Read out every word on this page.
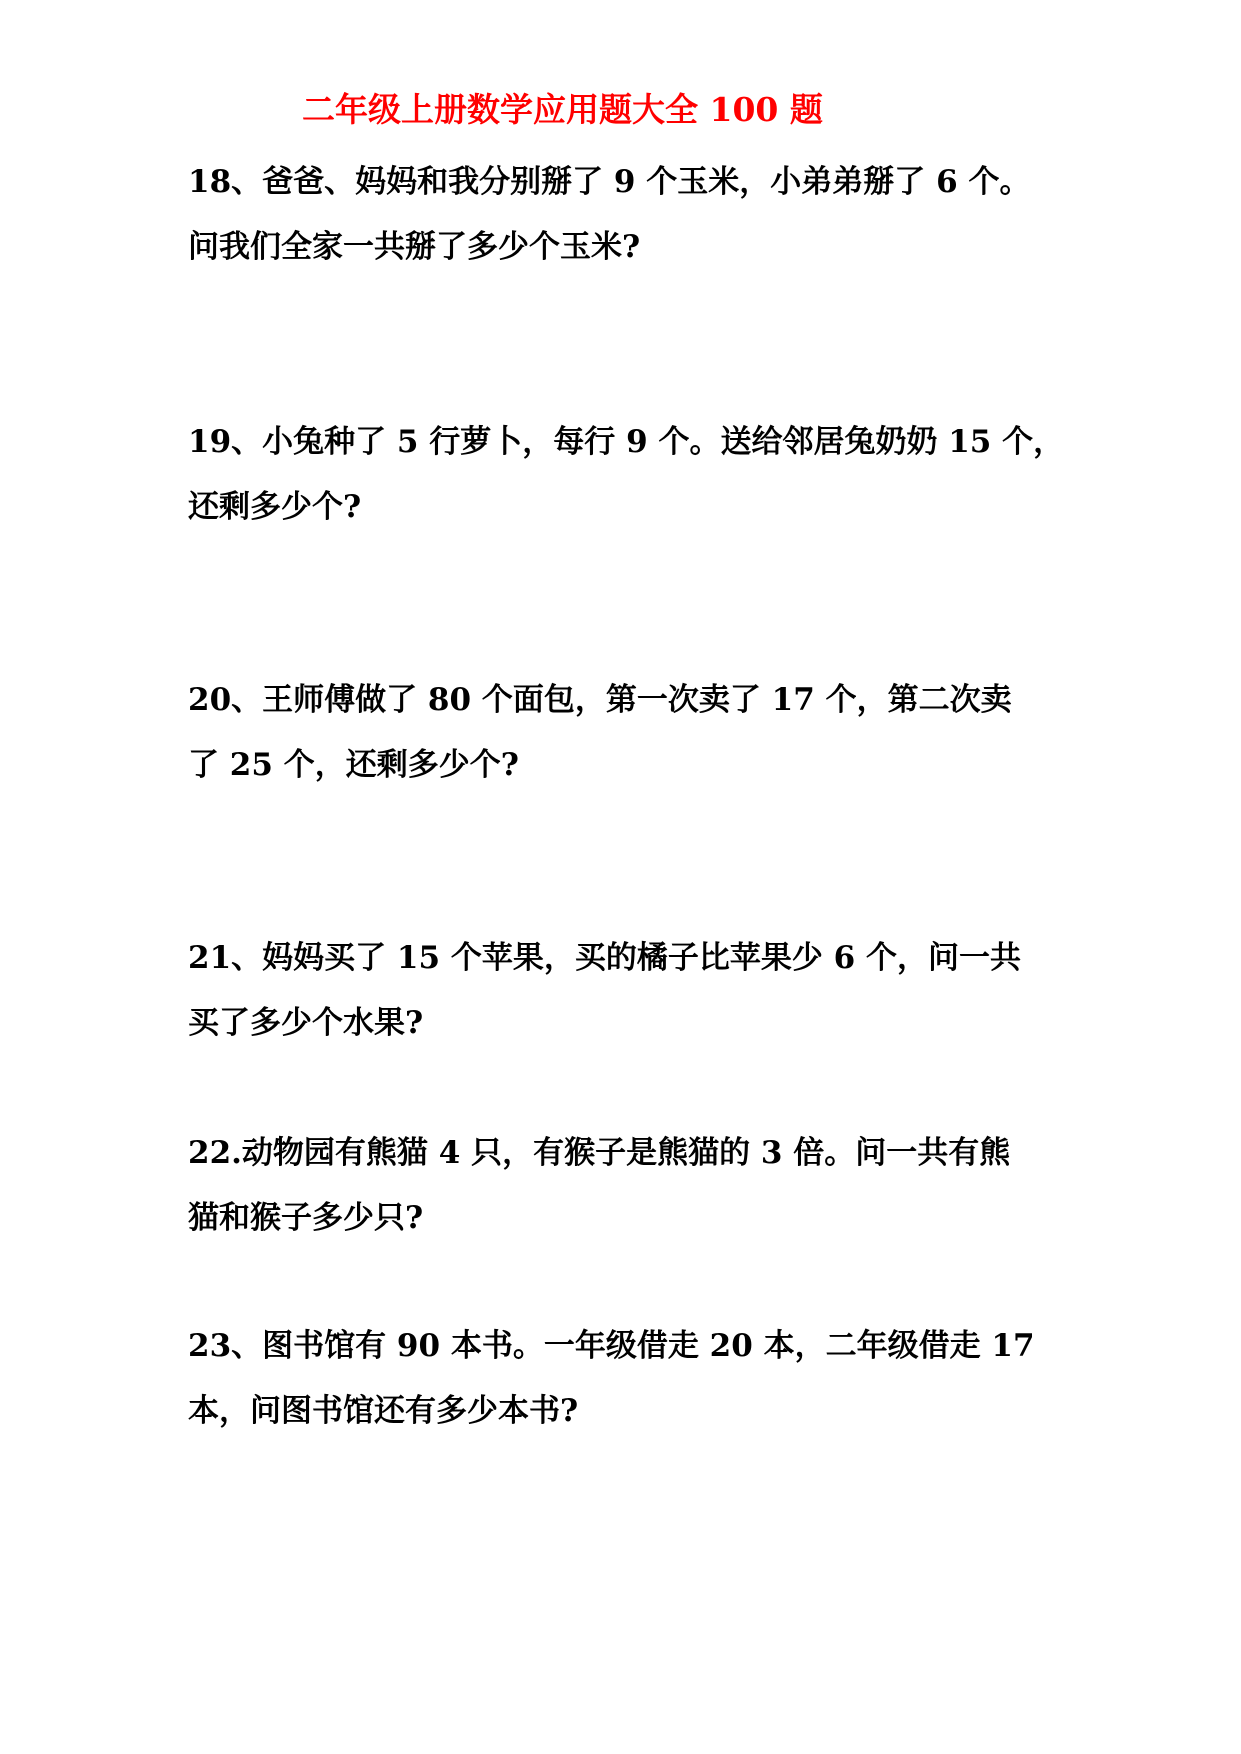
二年级上册数学应用题大全 100 题
18、爸爸、妈妈和我分别掰了 9 个玉米，小弟弟掰了 6 个。
问我们全家一共掰了多少个玉米?
19、小兔种了 5 行萝卜，每行 9 个。送给邻居兔奶奶 15 个，
还剩多少个?
20、王师傅做了 80 个面包，第一次卖了 17 个，第二次卖
了 25 个，还剩多少个?
21、妈妈买了 15 个苹果，买的橘子比苹果少 6 个，问一共
买了多少个水果?
22.动物园有熊猫 4 只，有猴子是熊猫的 3 倍。问一共有熊
猫和猴子多少只?
23、图书馆有 90 本书。一年级借走 20 本，二年级借走 17
本，问图书馆还有多少本书?
